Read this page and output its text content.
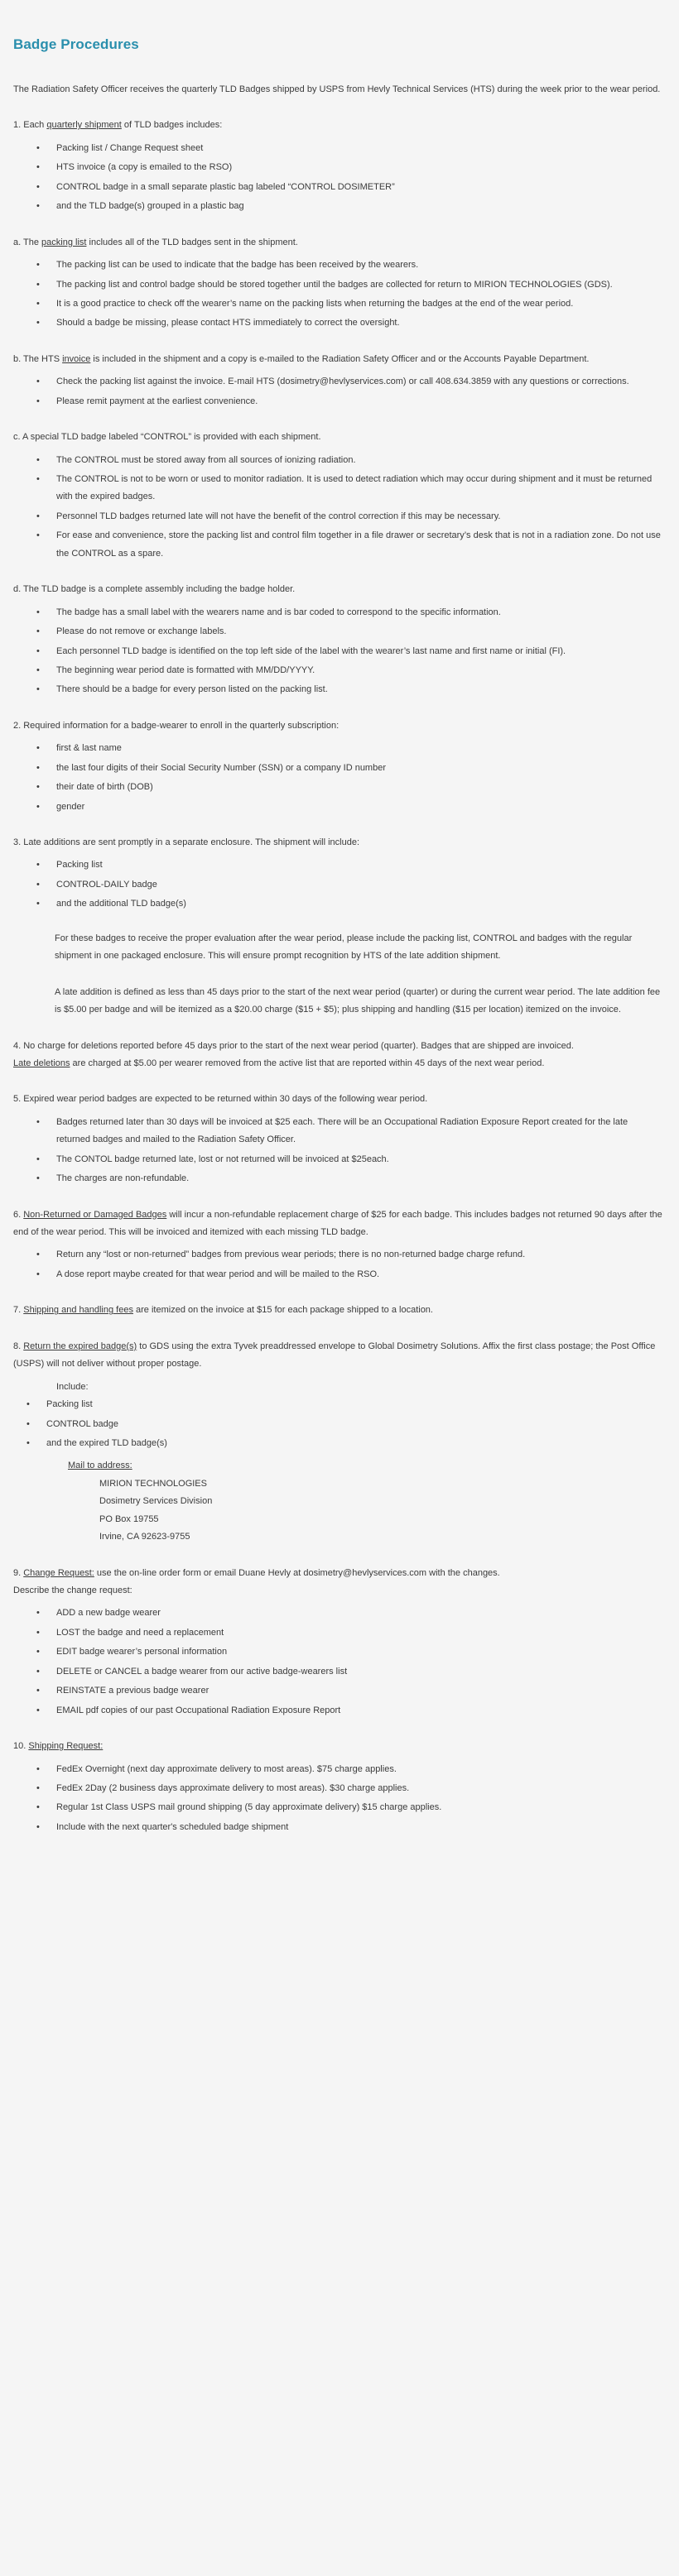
Badge Procedures

The Radiation Safety Officer receives the quarterly TLD Badges shipped by USPS from Hevly Technical Services (HTS) during the week prior to the wear period.

1. Each quarterly shipment of TLD badges includes:

• Packing list / Change Request sheet
• HTS invoice (a copy is emailed to the RSO)
• CONTROL badge in a small separate plastic bag labeled “CONTROL DOSIMETER”
• and the TLD badge(s) grouped in a plastic bag

a. The packing list includes all of the TLD badges sent in the shipment.

• The packing list can be used to indicate that the badge has been received by the wearers.
• The packing list and control badge should be stored together until the badges are collected for return to MIRION TECHNOLOGIES (GDS).
• It is a good practice to check off the wearer’s name on the packing lists when returning the badges at the end of the wear period.
• Should a badge be missing, please contact HTS immediately to correct the oversight.

b. The HTS invoice is included in the shipment and a copy is e-mailed to the Radiation Safety Officer and or the Accounts Payable Department.

• Check the packing list against the invoice. E-mail HTS (dosimetry@hevlyservices.com) or call 408.634.3859 with any questions or corrections.
• Please remit payment at the earliest convenience.

c. A special TLD badge labeled “CONTROL” is provided with each shipment.

• The CONTROL must be stored away from all sources of ionizing radiation.
• The CONTROL is not to be worn or used to monitor radiation. It is used to detect radiation which may occur during shipment and it must be returned with the expired badges.
• Personnel TLD badges returned late will not have the benefit of the control correction if this may be necessary.
• For ease and convenience, store the packing list and control film together in a file drawer or secretary’s desk that is not in a radiation zone. Do not use the CONTROL as a spare.

d. The TLD badge is a complete assembly including the badge holder.

• The badge has a small label with the wearers name and is bar coded to correspond to the specific information.
• Please do not remove or exchange labels.
• Each personnel TLD badge is identified on the top left side of the label with the wearer’s last name and first name or initial (FI).
• The beginning wear period date is formatted with MM/DD/YYYY.
• There should be a badge for every person listed on the packing list.

2. Required information for a badge-wearer to enroll in the quarterly subscription:

• first & last name
• the last four digits of their Social Security Number (SSN) or a company ID number
• their date of birth (DOB)
• gender

3. Late additions are sent promptly in a separate enclosure. The shipment will include:

• Packing list
• CONTROL-DAILY badge
• and the additional TLD badge(s)

For these badges to receive the proper evaluation after the wear period, please include the packing list, CONTROL and badges with the regular shipment in one packaged enclosure. This will ensure prompt recognition by HTS of the late addition shipment.

A late addition is defined as less than 45 days prior to the start of the next wear period (quarter) or during the current wear period. The late addition fee is $5.00 per badge and will be itemized as a $20.00 charge ($15 + $5); plus shipping and handling ($15 per location) itemized on the invoice.

4. No charge for deletions reported before 45 days prior to the start of the next wear period (quarter). Badges that are shipped are invoiced.

Late deletions are charged at $5.00 per wearer removed from the active list that are reported within 45 days of the next wear period.

5. Expired wear period badges are expected to be returned within 30 days of the following wear period.

• Badges returned later than 30 days will be invoiced at $25 each. There will be an Occupational Radiation Exposure Report created for the late returned badges and mailed to the Radiation Safety Officer.
• The CONTOL badge returned late, lost or not returned will be invoiced at $25each.
• The charges are non-refundable.

6. Non-Returned or Damaged Badges will incur a non-refundable replacement charge of $25 for each badge. This includes badges not returned 90 days after the end of the wear period. This will be invoiced and itemized with each missing TLD badge.

• Return any “lost or non-returned” badges from previous wear periods; there is no non-returned badge charge refund.
• A dose report maybe created for that wear period and will be mailed to the RSO.

7. Shipping and handling fees are itemized on the invoice at $15 for each package shipped to a location.

8. Return the expired badge(s) to GDS using the extra Tyvek preaddressed envelope to Global Dosimetry Solutions. Affix the first class postage; the Post Office (USPS) will not deliver without proper postage.

Include:
• Packing list
• CONTROL badge
• and the expired TLD badge(s)
Mail to address:
MIRION TECHNOLOGIES
Dosimetry Services Division
PO Box 19755
Irvine, CA 92623-9755

9. Change Request: use the on-line order form or email Duane Hevly at dosimetry@hevlyservices.com with the changes.

Describe the change request:

• ADD a new badge wearer
• LOST the badge and need a replacement
• EDIT badge wearer’s personal information
• DELETE or CANCEL a badge wearer from our active badge-wearers list
• REINSTATE a previous badge wearer
• EMAIL pdf copies of our past Occupational Radiation Exposure Report

10. Shipping Request:

• FedEx Overnight (next day approximate delivery to most areas). $75 charge applies.
• FedEx 2Day (2 business days approximate delivery to most areas). $30 charge applies.
• Regular 1st Class USPS mail ground shipping (5 day approximate delivery) $15 charge applies.
• Include with the next quarter's scheduled badge shipment
